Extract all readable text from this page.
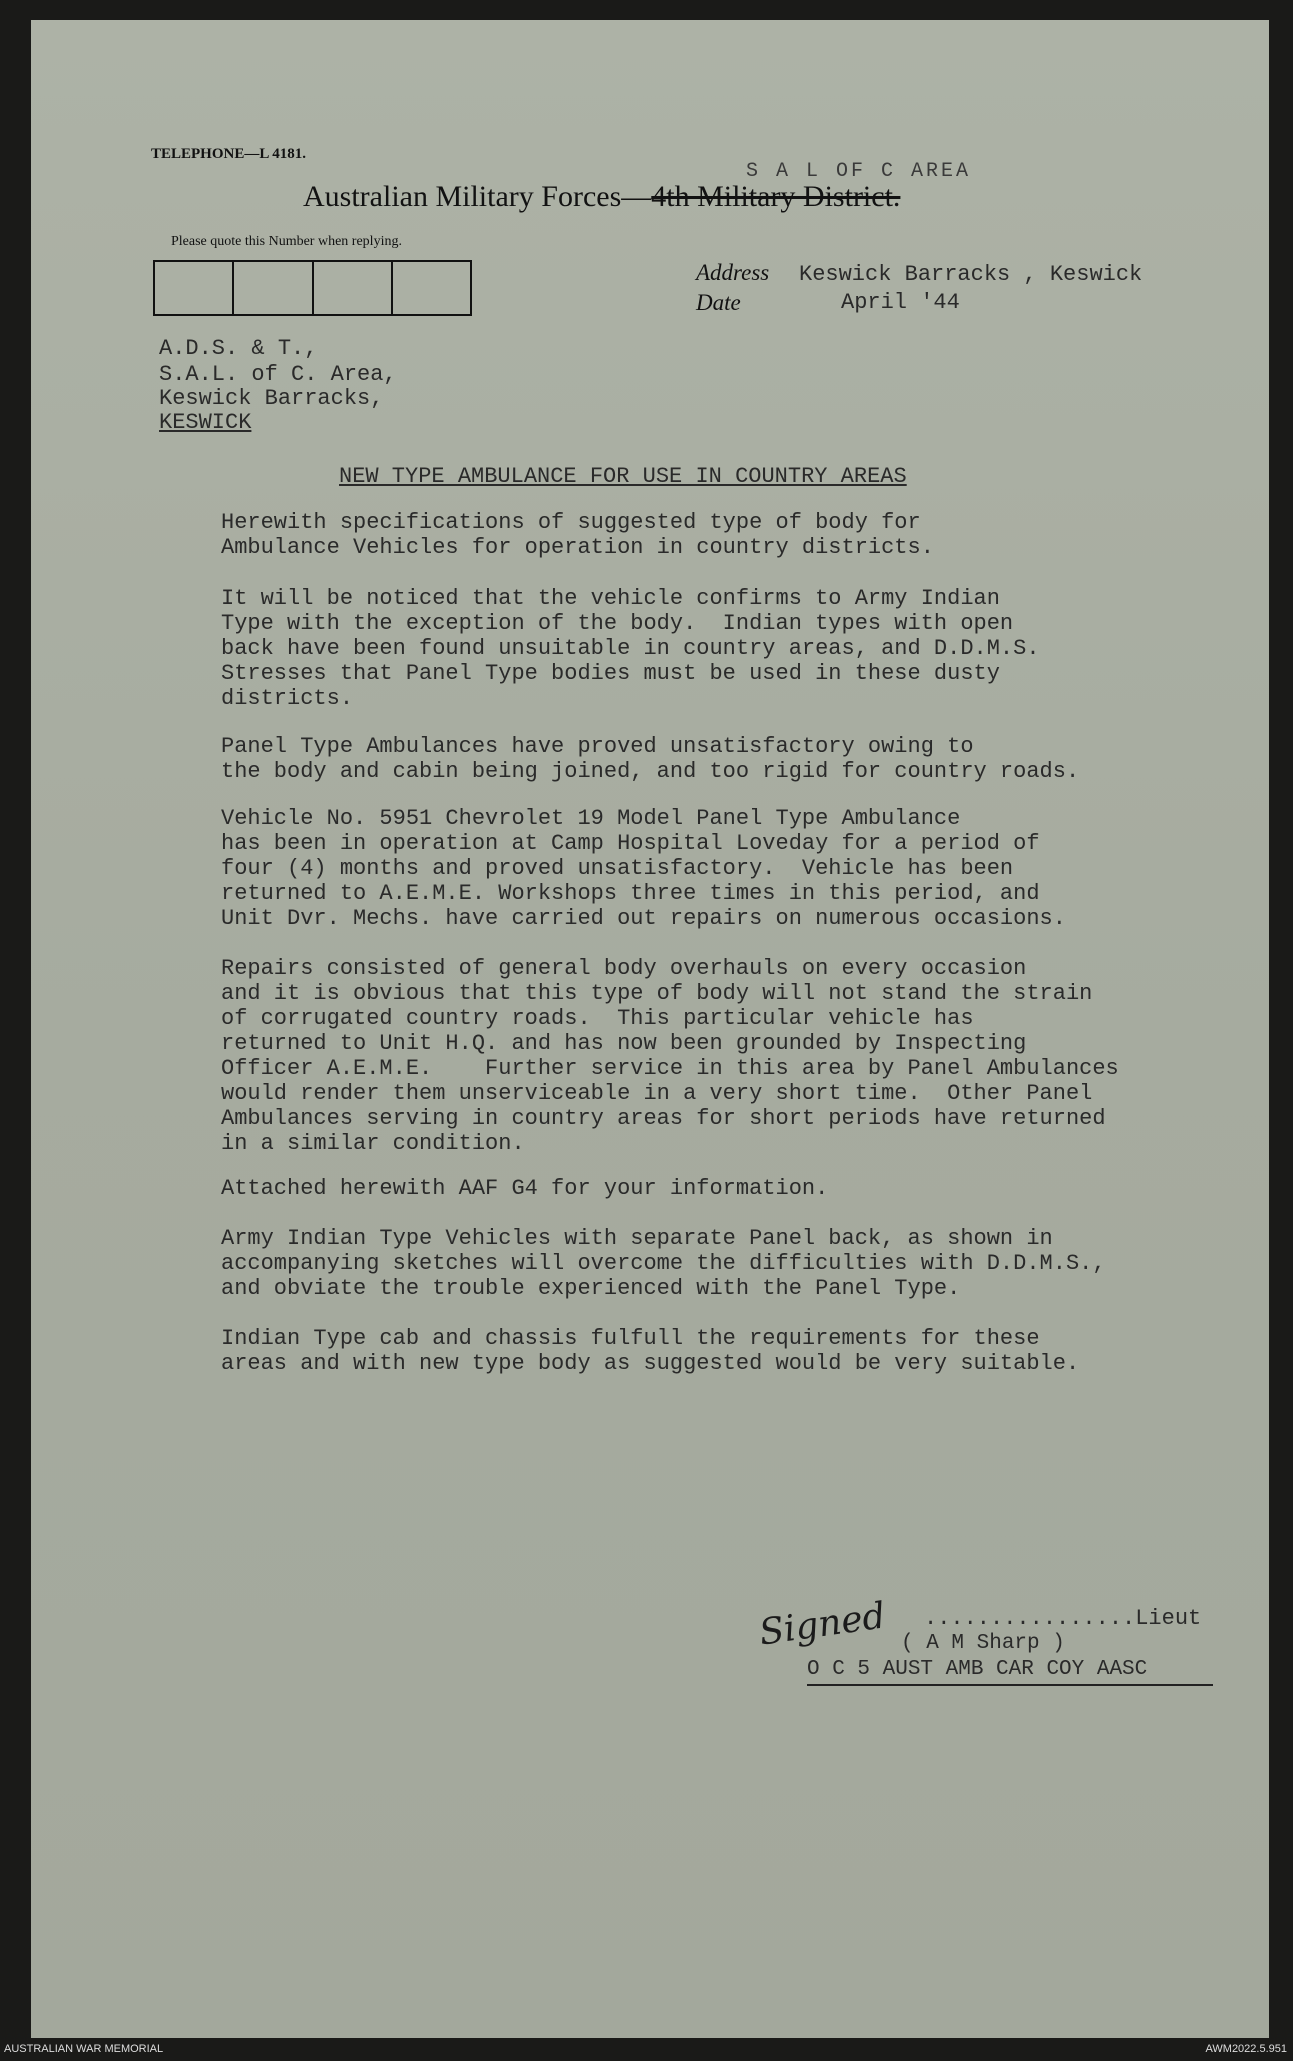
TELEPHONE—L 4181.
S A L OF C AREA
Australian Military Forces—4th Military District.
Please quote this Number when replying.
Address Keswick Barracks , Keswick
Date	April '44
A.D.S. & T.,
S.A.L. of C. Area,
Keswick Barracks,
KESWICK
NEW TYPE AMBULANCE FOR USE IN COUNTRY AREAS
Herewith specifications of suggested type of body for
Ambulance Vehicles for operation in country districts.
It will be noticed that the vehicle confirms to Army Indian
Type with the exception of the body.  Indian types with open
back have been found unsuitable in country areas, and D.D.M.S.
Stresses that Panel Type bodies must be used in these dusty
districts.
Panel Type Ambulances have proved unsatisfactory owing to
the body and cabin being joined, and too rigid for country roads.
Vehicle No. 5951 Chevrolet 19 Model Panel Type Ambulance
has been in operation at Camp Hospital Loveday for a period of
four (4) months and proved unsatisfactory.  Vehicle has been
returned to A.E.M.E. Workshops three times in this period, and
Unit Dvr. Mechs. have carried out repairs on numerous occasions.
Repairs consisted of general body overhauls on every occasion
and it is obvious that this type of body will not stand the strain
of corrugated country roads.  This particular vehicle has
returned to Unit H.Q. and has now been grounded by Inspecting
Officer A.E.M.E.    Further service in this area by Panel Ambulances
would render them unserviceable in a very short time.  Other Panel
Ambulances serving in country areas for short periods have returned
in a similar condition.
Attached herewith AAF G4 for your information.
Army Indian Type Vehicles with separate Panel back, as shown in
accompanying sketches will overcome the difficulties with D.D.M.S.,
and obviate the trouble experienced with the Panel Type.
Indian Type cab and chassis fulfull the requirements for these
areas and with new type body as suggested would be very suitable.
Signed ................Lieut
( A M Sharp )
O C 5 AUST AMB CAR COY AASC
AUSTRALIAN WAR MEMORIAL	AWM2022.5.951
